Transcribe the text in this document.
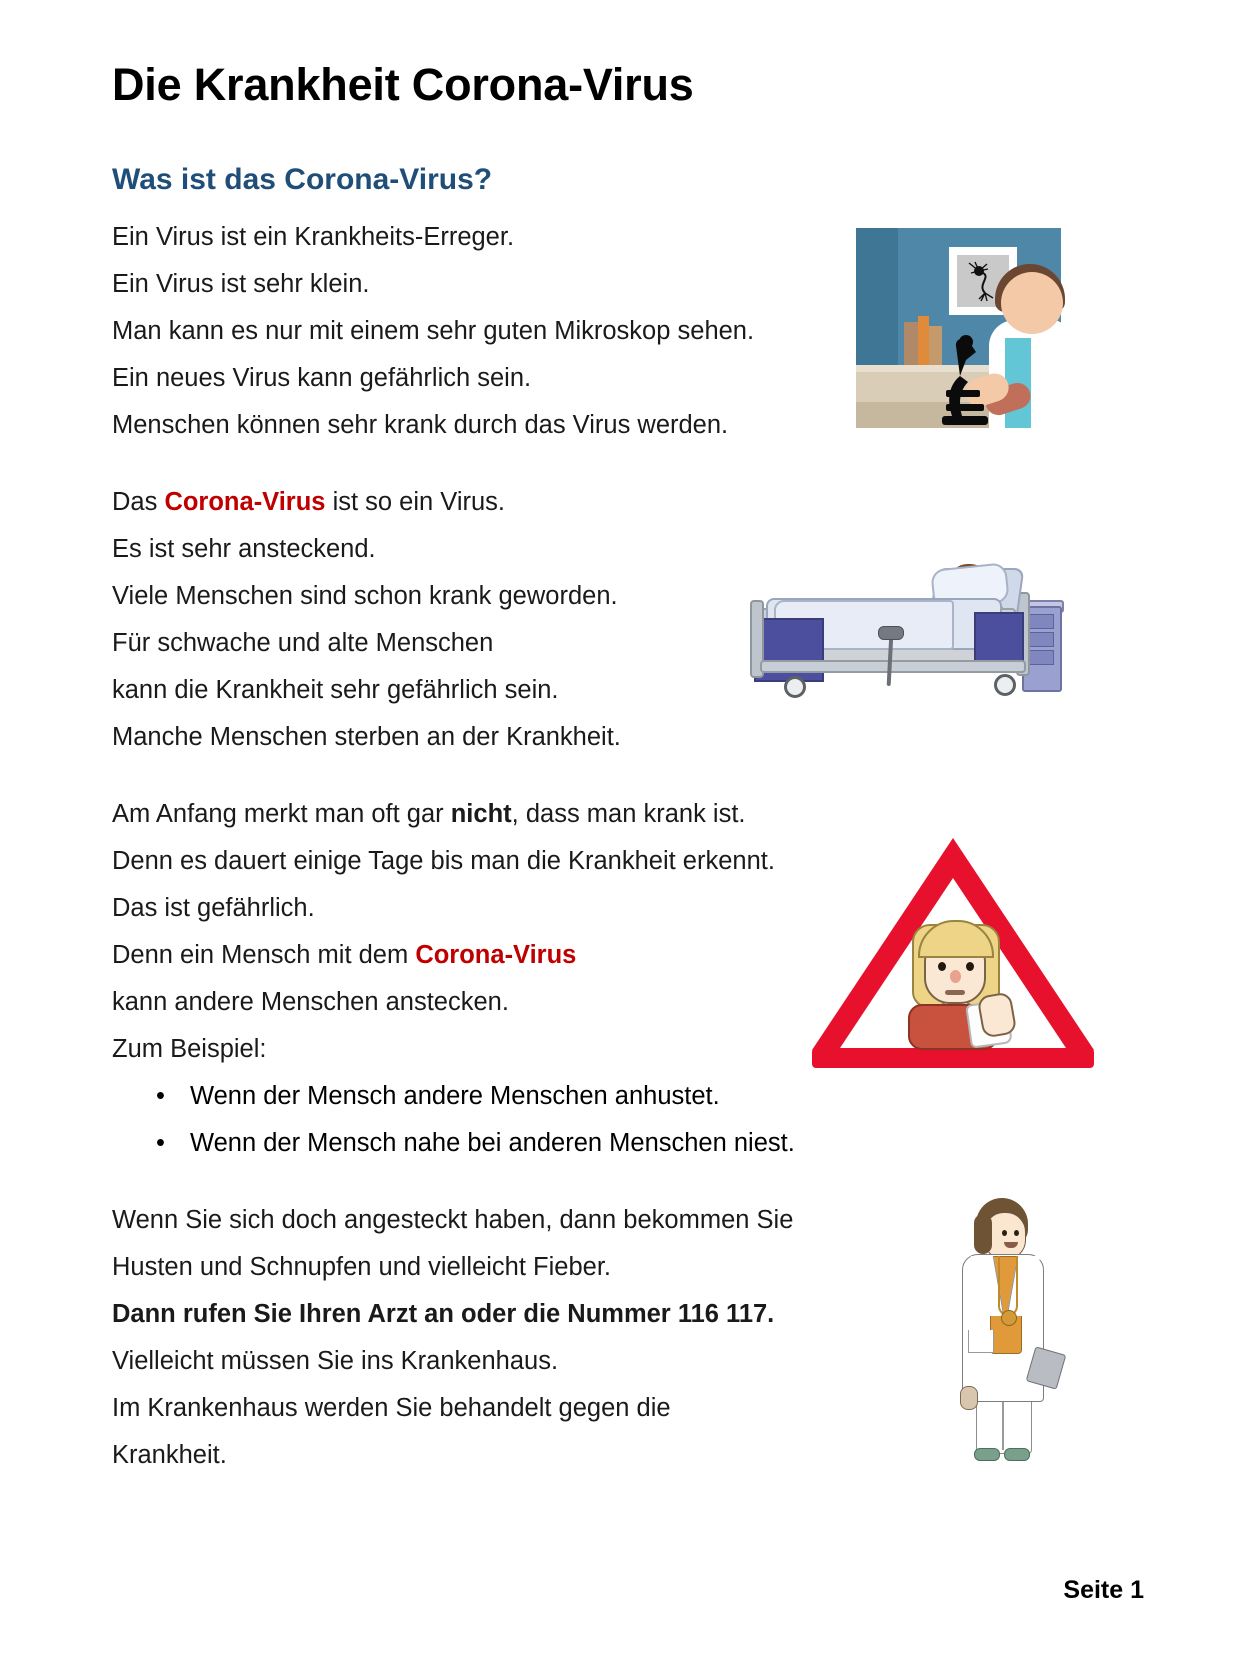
Die Krankheit Corona-Virus
Was ist das Corona-Virus?
Ein Virus ist ein Krankheits-Erreger.
Ein Virus ist sehr klein.
Man kann es nur mit einem sehr guten Mikroskop sehen.
Ein neues Virus kann gefährlich sein.
Menschen können sehr krank durch das Virus werden.
Das Corona-Virus ist so ein Virus.
Es ist sehr ansteckend.
Viele Menschen sind schon krank geworden.
Für schwache und alte Menschen
kann die Krankheit sehr gefährlich sein.
Manche Menschen sterben an der Krankheit.
Am Anfang merkt man oft gar nicht, dass man krank ist.
Denn es dauert einige Tage bis man die Krankheit erkennt.
Das ist gefährlich.
Denn ein Mensch mit dem Corona-Virus
kann andere Menschen anstecken.
Zum Beispiel:
• Wenn der Mensch andere Menschen anhustet.
• Wenn der Mensch nahe bei anderen Menschen niest.
Wenn Sie sich doch angesteckt haben, dann bekommen Sie
Husten und Schnupfen und vielleicht Fieber.
Dann rufen Sie Ihren Arzt an oder die Nummer 116 117.
Vielleicht müssen Sie ins Krankenhaus.
Im Krankenhaus werden Sie behandelt gegen die
Krankheit.
Seite 1
